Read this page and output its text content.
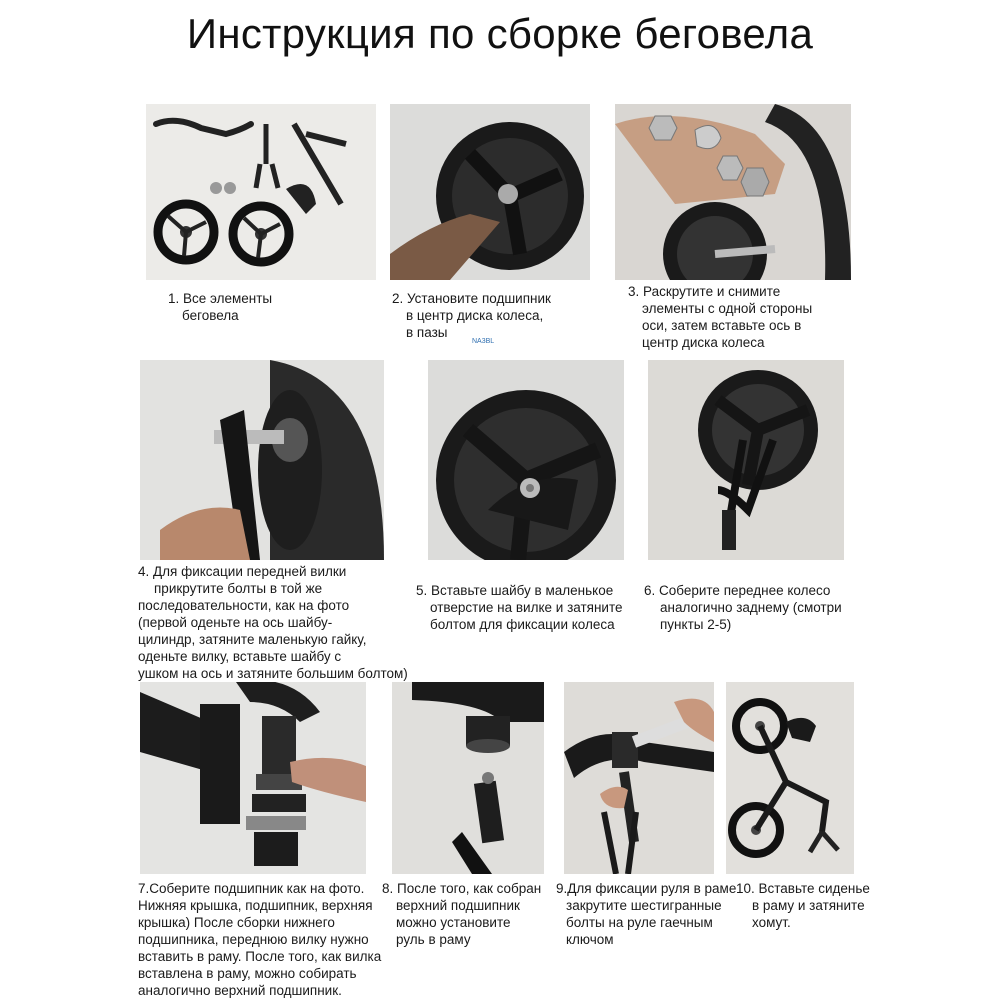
Инструкция по сборке беговела
1. Все элементы
беговела
2. Установите подшипник
в центр диска колеса,
в пазы
NA3BL
3. Раскрутите и снимите
элементы с одной стороны
оси, затем вставьте ось в
центр диска колеса
4. Для фиксации передней вилки
прикрутите болты в той же
последовательности, как на фото
(первой оденьте на ось шайбу-
цилиндр, затяните маленькую гайку,
оденьте вилку, вставьте шайбу с
ушком на ось и затяните большим болтом)
5. Вставьте шайбу в маленькое
отверстие на вилке и затяните
болтом для фиксации колеса
6. Соберите переднее колесо
аналогично заднему (смотри
пункты 2-5)
7.Соберите подшипник как на фото.
Нижняя крышка, подшипник, верхняя
крышка) После сборки нижнего
подшипника, переднюю вилку нужно
вставить в раму. После того, как вилка
вставлена в раму, можно собирать
аналогично верхний подшипник.
8. После того, как собран
верхний подшипник
можно установите
руль в раму
9.Для фиксации руля в раме
закрутите шестигранные
болты на руле гаечным
ключом
10. Вставьте сиденье
в раму и затяните
хомут.
